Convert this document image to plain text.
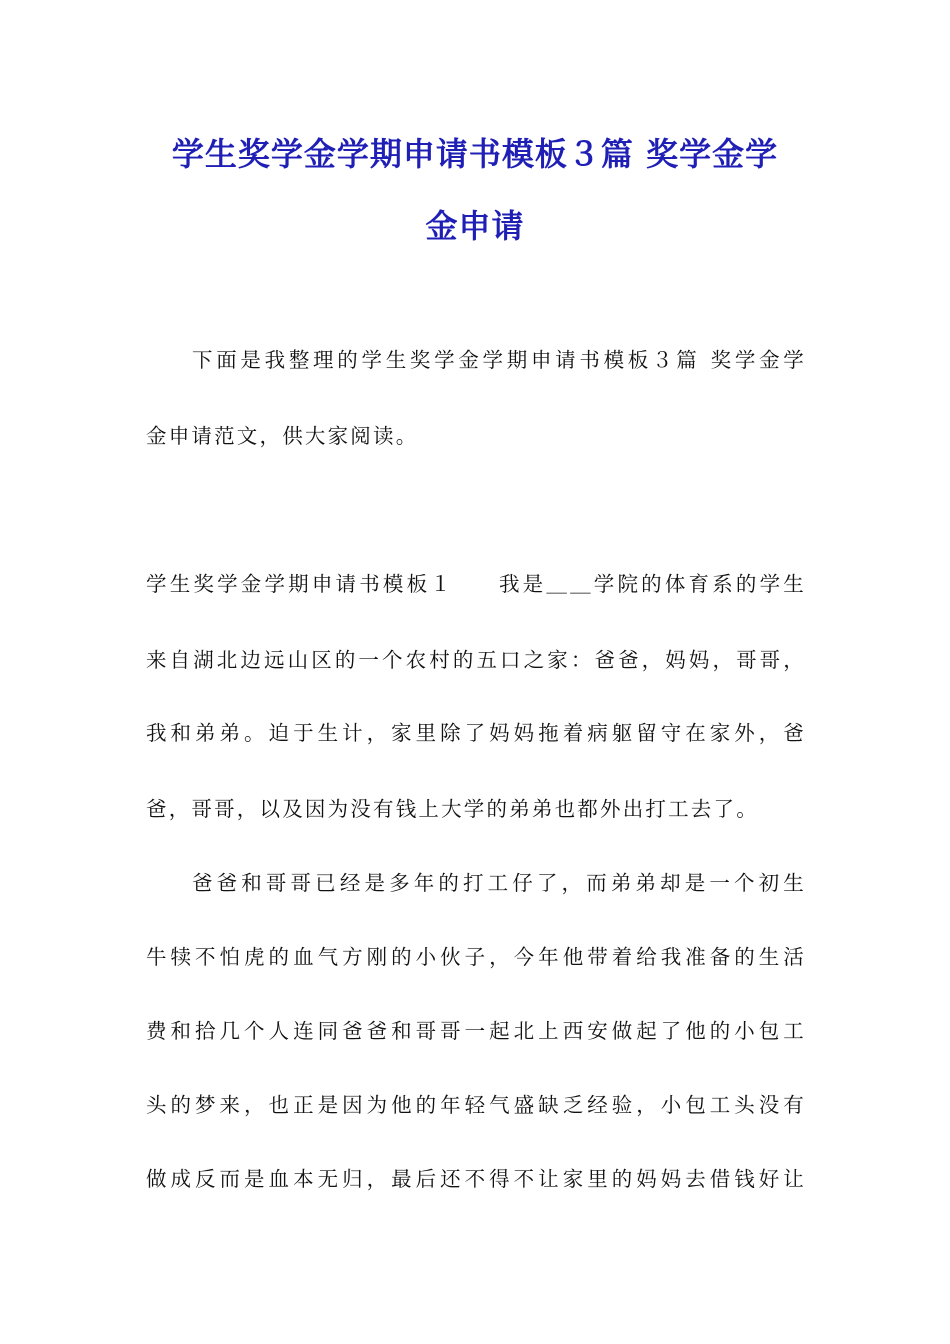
学生奖学金学期申请书模板３篇 奖学金学
金申请
下面是我整理的学生奖学金学期申请书模板３篇 奖学金学
金申请范文，供大家阅读。
学生奖学金学期申请书模板１ 我是＿＿学院的体育系的学生
来自湖北边远山区的一个农村的五口之家：爸爸，妈妈，哥哥，
我和弟弟。迫于生计，家里除了妈妈拖着病躯留守在家外，爸
爸，哥哥，以及因为没有钱上大学的弟弟也都外出打工去了。
爸爸和哥哥已经是多年的打工仔了，而弟弟却是一个初生
牛犊不怕虎的血气方刚的小伙子，今年他带着给我准备的生活
费和拾几个人连同爸爸和哥哥一起北上西安做起了他的小包工
头的梦来，也正是因为他的年轻气盛缺乏经验，小包工头没有
做成反而是血本无归，最后还不得不让家里的妈妈去借钱好让
